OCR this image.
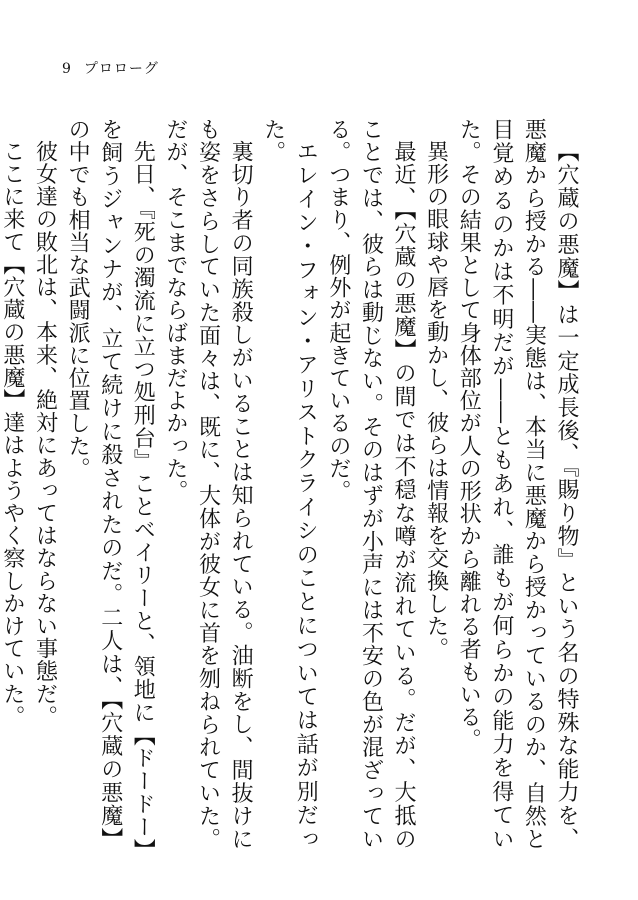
9 プロローグ

【穴蔵の悪魔】は一定成長後、『賜り物』という名の特殊な能力を、悪魔から授かる――実態は、本当に悪魔から授かっているのか、自然と目覚めるのかは不明だが――ともあれ、誰もが何らかの能力を得ていた。その結果として身体部位が人の形状から離れる者もいる。

異形の眼球や唇を動かし、彼らは情報を交換した。

最近、【穴蔵の悪魔】の間では不穏な噂が流れている。だが、大抵のことでは、彼らは動じない。そのはずが小声には不安の色が混ざっている。つまり、例外が起きているのだ。

エレイン・フォン・アリストクライシのことについては話が別だった。

裏切り者の同族殺しがいることは知られている。油断をし、間抜けにも姿をさらしていた面々は、既に、大体が彼女に首を刎ねられていた。だが、そこまでならばまだよかった。

先日、『死の濁流に立つ処刑台』ことベイリーと、領地に【ドードー】を飼うジャンナが、立て続けに殺されたのだ。二人は、【穴蔵の悪魔】の中でも相当な武闘派に位置した。

彼女達の敗北は、本来、絶対にあってはならない事態だ。

ここに来て【穴蔵の悪魔】達はようやく察しかけていた。
